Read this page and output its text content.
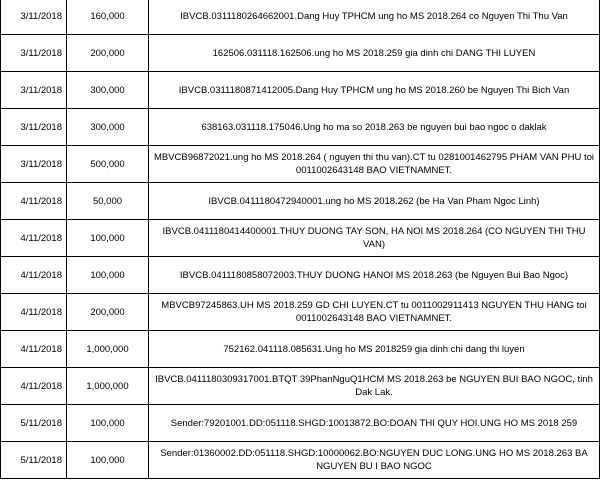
3/11/2018	160,000	IBVCB.0311180264662001.Dang Huy TPHCM ung ho MS 2018.264 co Nguyen Thi Thu Van
3/11/2018	200,000	162506.031118.162506.ung ho MS 2018.259 gia dinh chi DANG THI LUYEN
3/11/2018	300,000	IBVCB.0311180871412005.Dang Huy TPHCM ung ho MS 2018.260 be Nguyen Thi Bich Van
3/11/2018	300,000	638163.031118.175046.Ung ho ma so 2018.263 be nguyen bui bao ngoc o daklak
3/11/2018	500,000	MBVCB96872021.ung ho MS 2018.264 ( nguyen thi thu van).CT tu 0281001462795 PHAM VAN PHU toi 0011002643148 BAO VIETNAMNET.
4/11/2018	50,000	IBVCB.0411180472940001.ung ho MS 2018.262 (be Ha Van Pham Ngoc Linh)
4/11/2018	100,000	IBVCB.0411180414400001.THUY DUONG TAY SON, HA NOI MS 2018.264 (CO NGUYEN THI THU VAN)
4/11/2018	100,000	IBVCB.0411180858072003.THUY DUONG HANOI MS 2018.263 (be Nguyen Bui Bao Ngoc)
4/11/2018	200,000	MBVCB97245863.UH MS 2018.259 GD CHI LUYEN.CT tu 0011002911413 NGUYEN THU HANG toi 0011002643148 BAO VIETNAMNET.
4/11/2018	1,000,000	752162.041118.085631.Ung ho MS 2018259 gia dinh chi dang thi luyen
4/11/2018	1,000,000	IBVCB.0411180309317001.BTQT 39PhanNguQ1HCM MS 2018.263 be NGUYEN BUI BAO NGOC, tinh Dak Lak.
5/11/2018	100,000	Sender:79201001.DD:051118.SHGD:10013872.BO:DOAN THI QUY HOI.UNG HO MS 2018 259
5/11/2018	100,000	Sender:01360002.DD:051118.SHGD:10000062.BO:NGUYEN DUC LONG.UNG HO MS 2018.263 BA NGUYEN BU I BAO NGOC
